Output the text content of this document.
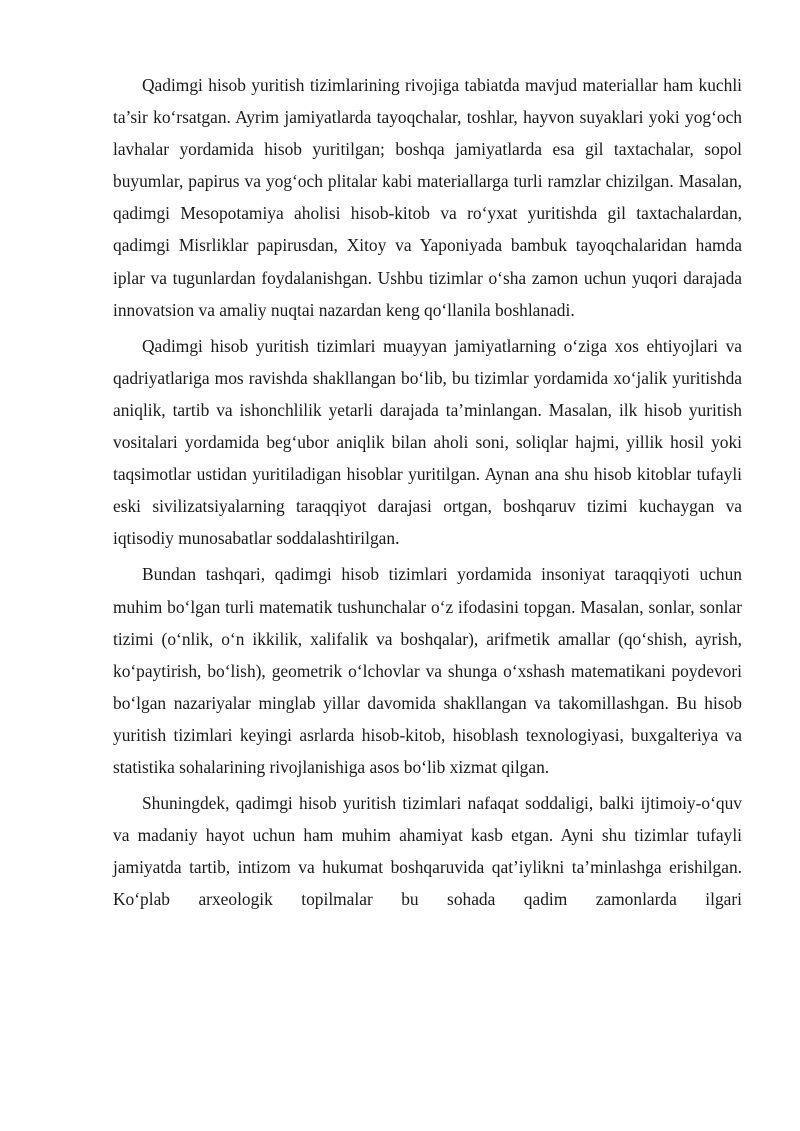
Qadimgi hisob yuritish tizimlarining rivojiga tabiatda mavjud materiallar ham kuchli ta’sir ko‘rsatgan. Ayrim jamiyatlarda tayoqchalar, toshlar, hayvon suyaklari yoki yog‘och lavhalar yordamida hisob yuritilgan; boshqa jamiyatlarda esa gil taxtachalar, sopol buyumlar, papirus va yog‘och plitalar kabi materiallarga turli ramzlar chizilgan. Masalan, qadimgi Mesopotamiya aholisi hisob-kitob va ro‘yxat yuritishda gil taxtachalardan, qadimgi Misrliklar papirusdan, Xitoy va Yaponiyada bambuk tayoqchalaridan hamda iplar va tugunlardan foydalanishgan. Ushbu tizimlar o‘sha zamon uchun yuqori darajada innovatsion va amaliy nuqtai nazardan keng qo‘llanila boshlanadi.

Qadimgi hisob yuritish tizimlari muayyan jamiyatlarning o‘ziga xos ehtiyojlari va qadriyatlariga mos ravishda shakllangan bo‘lib, bu tizimlar yordamida xo‘jalik yuritishda aniqlik, tartib va ishonchlilik yetarli darajada ta’minlangan. Masalan, ilk hisob yuritish vositalari yordamida beg‘ubor aniqlik bilan aholi soni, soliqlar hajmi, yillik hosil yoki taqsimotlar ustidan yuritiladigan hisoblar yuritilgan. Aynan ana shu hisob kitoblar tufayli eski sivilizatsiyalarning taraqqiyot darajasi ortgan, boshqaruv tizimi kuchaygan va iqtisodiy munosabatlar soddalashtirilgan.

Bundan tashqari, qadimgi hisob tizimlari yordamida insoniyat taraqqiyoti uchun muhim bo‘lgan turli matematik tushunchalar o‘z ifodasini topgan. Masalan, sonlar, sonlar tizimi (o‘nlik, o‘n ikkilik, xalifalik va boshqalar), arifmetik amallar (qo‘shish, ayrish, ko‘paytirish, bo‘lish), geometrik o‘lchovlar va shunga o‘xshash matematikani poydevori bo‘lgan nazariyalar minglab yillar davomida shakllangan va takomillashgan. Bu hisob yuritish tizimlari keyingi asrlarda hisob-kitob, hisoblash texnologiyasi, buxgalteriya va statistika sohalarining rivojlanishiga asos bo‘lib xizmat qilgan.

Shuningdek, qadimgi hisob yuritish tizimlari nafaqat soddaligi, balki ijtimoiy-o‘quv va madaniy hayot uchun ham muhim ahamiyat kasb etgan. Ayni shu tizimlar tufayli jamiyatda tartib, intizom va hukumat boshqaruvida qat’iylikni ta’minlashga erishilgan. Ko‘plab arxeologik topilmalar bu sohada qadim zamonlarda ilgari
